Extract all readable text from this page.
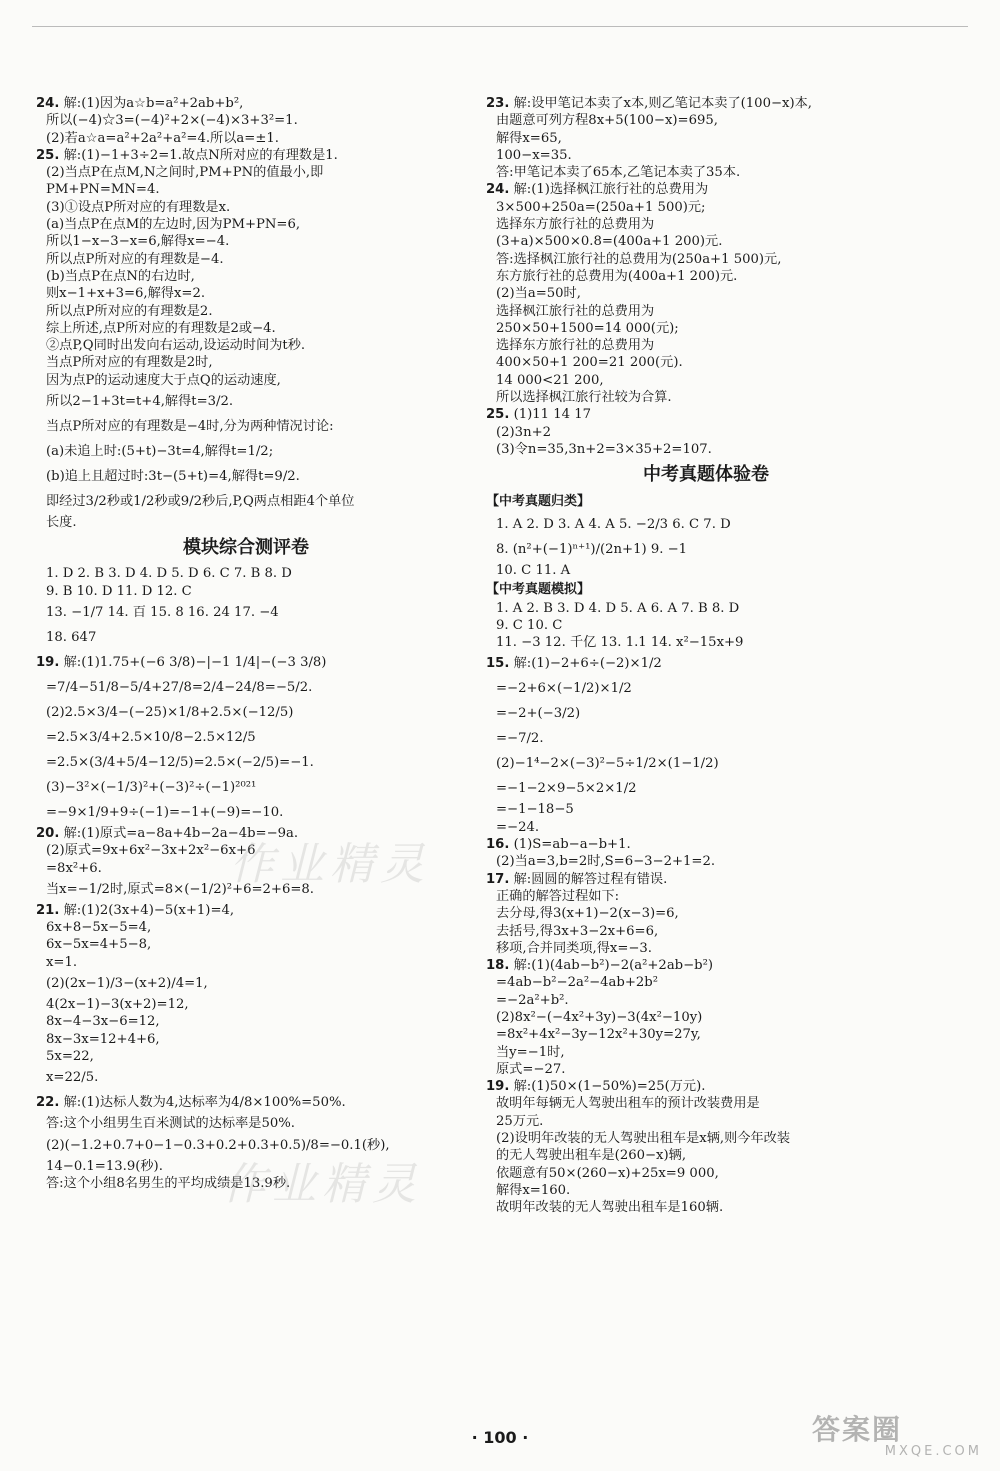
24. 解:(1)因为a☆b=a²+2ab+b²,
所以(−4)☆3=(−4)²+2×(−4)×3+3²=1.
(2)若a☆a=a²+2a²+a²=4.所以a=±1.
25. 解:(1)−1+3÷2=1.故点N所对应的有理数是1.
(2)当点P在点M,N之间时,PM+PN的值最小,即
PM+PN=MN=4.
(3)①设点P所对应的有理数是x.
(a)当点P在点M的左边时,因为PM+PN=6,
所以1−x−3−x=6,解得x=−4.
所以点P所对应的有理数是−4.
(b)当点P在点N的右边时,
则x−1+x+3=6,解得x=2.
所以点P所对应的有理数是2.
综上所述,点P所对应的有理数是2或−4.
②点P,Q同时出发向右运动,设运动时间为t秒.
当点P所对应的有理数是2时,
因为点P的运动速度大于点Q的运动速度,
所以2−1+3t=t+4,解得t=3/2.
当点P所对应的有理数是−4时,分为两种情况讨论:
(a)未追上时:(5+t)−3t=4,解得t=1/2;
(b)追上且超过时:3t−(5+t)=4,解得t=9/2.
即经过3/2秒或1/2秒或9/2秒后,P,Q两点相距4个单位
长度.
模块综合测评卷
1. D 2. B 3. D 4. D 5. D 6. C 7. B 8. D
9. B 10. D 11. D 12. C
13. −1/7 14. 百 15. 8 16. 24 17. −4
18. 647
19. 解:(1)1.75+(−6 3/8)−|−1 1/4|−(−3 3/8)
=7/4−51/8−5/4+27/8=2/4−24/8=−5/2.
(2)2.5×3/4−(−25)×1/8+2.5×(−12/5)
=2.5×3/4+2.5×10/8−2.5×12/5
=2.5×(3/4+5/4−12/5)=2.5×(−2/5)=−1.
(3)−3²×(−1/3)²+(−3)²÷(−1)²⁰²¹
=−9×1/9+9÷(−1)=−1+(−9)=−10.
20. 解:(1)原式=a−8a+4b−2a−4b=−9a.
(2)原式=9x+6x²−3x+2x²−6x+6
=8x²+6.
当x=−1/2时,原式=8×(−1/2)²+6=2+6=8.
21. 解:(1)2(3x+4)−5(x+1)=4,
6x+8−5x−5=4,
6x−5x=4+5−8,
x=1.
(2)(2x−1)/3−(x+2)/4=1,
4(2x−1)−3(x+2)=12,
8x−4−3x−6=12,
8x−3x=12+4+6,
5x=22,
x=22/5.
22. 解:(1)达标人数为4,达标率为4/8×100%=50%.
答:这个小组男生百米测试的达标率是50%.
(2)(−1.2+0.7+0−1−0.3+0.2+0.3+0.5)/8=−0.1(秒),
14−0.1=13.9(秒).
答:这个小组8名男生的平均成绩是13.9秒.
23. 解:设甲笔记本卖了x本,则乙笔记本卖了(100−x)本,
由题意可列方程8x+5(100−x)=695,
解得x=65,
100−x=35.
答:甲笔记本卖了65本,乙笔记本卖了35本.
24. 解:(1)选择枫江旅行社的总费用为
3×500+250a=(250a+1 500)元;
选择东方旅行社的总费用为
(3+a)×500×0.8=(400a+1 200)元.
答:选择枫江旅行社的总费用为(250a+1 500)元,
东方旅行社的总费用为(400a+1 200)元.
(2)当a=50时,
选择枫江旅行社的总费用为
250×50+1500=14 000(元);
选择东方旅行社的总费用为
400×50+1 200=21 200(元).
14 000<21 200,
所以选择枫江旅行社较为合算.
25. (1)11 14 17
(2)3n+2
(3)令n=35,3n+2=3×35+2=107.
中考真题体验卷
【中考真题归类】
1. A 2. D 3. A 4. A 5. −2/3 6. C 7. D
8. (n²+(−1)ⁿ⁺¹)/(2n+1) 9. −1
10. C 11. A
【中考真题模拟】
1. A 2. B 3. D 4. D 5. A 6. A 7. B 8. D
9. C 10. C
11. −3 12. 千亿 13. 1.1 14. x²−15x+9
15. 解:(1)−2+6÷(−2)×1/2
=−2+6×(−1/2)×1/2
=−2+(−3/2)
=−7/2.
(2)−1⁴−2×(−3)²−5÷1/2×(1−1/2)
=−1−2×9−5×2×1/2
=−1−18−5
=−24.
16. (1)S=ab−a−b+1.
(2)当a=3,b=2时,S=6−3−2+1=2.
17. 解:圆圆的解答过程有错误.
正确的解答过程如下:
去分母,得3(x+1)−2(x−3)=6,
去括号,得3x+3−2x+6=6,
移项,合并同类项,得x=−3.
18. 解:(1)(4ab−b²)−2(a²+2ab−b²)
=4ab−b²−2a²−4ab+2b²
=−2a²+b².
(2)8x²−(−4x²+3y)−3(4x²−10y)
=8x²+4x²−3y−12x²+30y=27y,
当y=−1时,
原式=−27.
19. 解:(1)50×(1−50%)=25(万元).
故明年每辆无人驾驶出租车的预计改装费用是
25万元.
(2)设明年改装的无人驾驶出租车是x辆,则今年改装
的无人驾驶出租车是(260−x)辆,
依题意有50×(260−x)+25x=9 000,
解得x=160.
故明年改装的无人驾驶出租车是160辆.
作业精灵
作业精灵
· 100 ·	答案圈
MXQE.COM
